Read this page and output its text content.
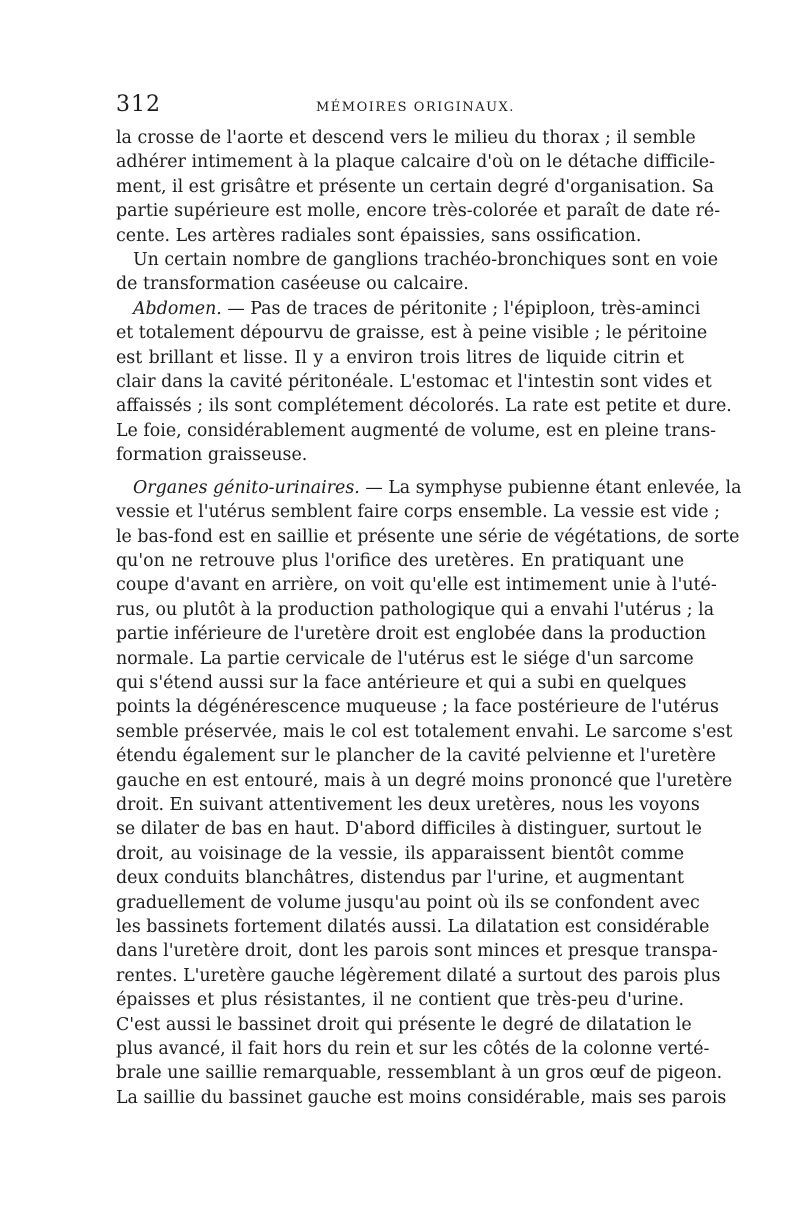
312	MÉMOIRES ORIGINAUX.

la crosse de l'aorte et descend vers le milieu du thorax ; il semble
adhérer intimement à la plaque calcaire d'où on le détache difficile-
ment, il est grisâtre et présente un certain degré d'organisation. Sa
partie supérieure est molle, encore très-colorée et paraît de date ré-
cente. Les artères radiales sont épaissies, sans ossification.

Un certain nombre de ganglions trachéo-bronchiques sont en voie
de transformation caséeuse ou calcaire.

Abdomen. — Pas de traces de péritonite ; l'épiploon, très-aminci
et totalement dépourvu de graisse, est à peine visible ; le péritoine
est brillant et lisse. Il y a environ trois litres de liquide citrin et
clair dans la cavité péritonéale. L'estomac et l'intestin sont vides et
affaissés ; ils sont complétement décolorés. La rate est petite et dure.
Le foie, considérablement augmenté de volume, est en pleine trans-
formation graisseuse.

Organes génito-urinaires. — La symphyse pubienne étant enlevée, la
vessie et l'utérus semblent faire corps ensemble. La vessie est vide ;
le bas-fond est en saillie et présente une série de végétations, de sorte
qu'on ne retrouve plus l'orifice des uretères. En pratiquant une
coupe d'avant en arrière, on voit qu'elle est intimement unie à l'uté-
rus, ou plutôt à la production pathologique qui a envahi l'utérus ; la
partie inférieure de l'uretère droit est englobée dans la production
normale. La partie cervicale de l'utérus est le siége d'un sarcome
qui s'étend aussi sur la face antérieure et qui a subi en quelques
points la dégénérescence muqueuse ; la face postérieure de l'utérus
semble préservée, mais le col est totalement envahi. Le sarcome s'est
étendu également sur le plancher de la cavité pelvienne et l'uretère
gauche en est entouré, mais à un degré moins prononcé que l'uretère
droit. En suivant attentivement les deux uretères, nous les voyons
se dilater de bas en haut. D'abord difficiles à distinguer, surtout le
droit, au voisinage de la vessie, ils apparaissent bientôt comme
deux conduits blanchâtres, distendus par l'urine, et augmentant
graduellement de volume jusqu'au point où ils se confondent avec
les bassinets fortement dilatés aussi. La dilatation est considérable
dans l'uretère droit, dont les parois sont minces et presque transpa-
rentes. L'uretère gauche légèrement dilaté a surtout des parois plus
épaisses et plus résistantes, il ne contient que très-peu d'urine.
C'est aussi le bassinet droit qui présente le degré de dilatation le
plus avancé, il fait hors du rein et sur les côtés de la colonne verté-
brale une saillie remarquable, ressemblant à un gros œuf de pigeon.
La saillie du bassinet gauche est moins considérable, mais ses parois
